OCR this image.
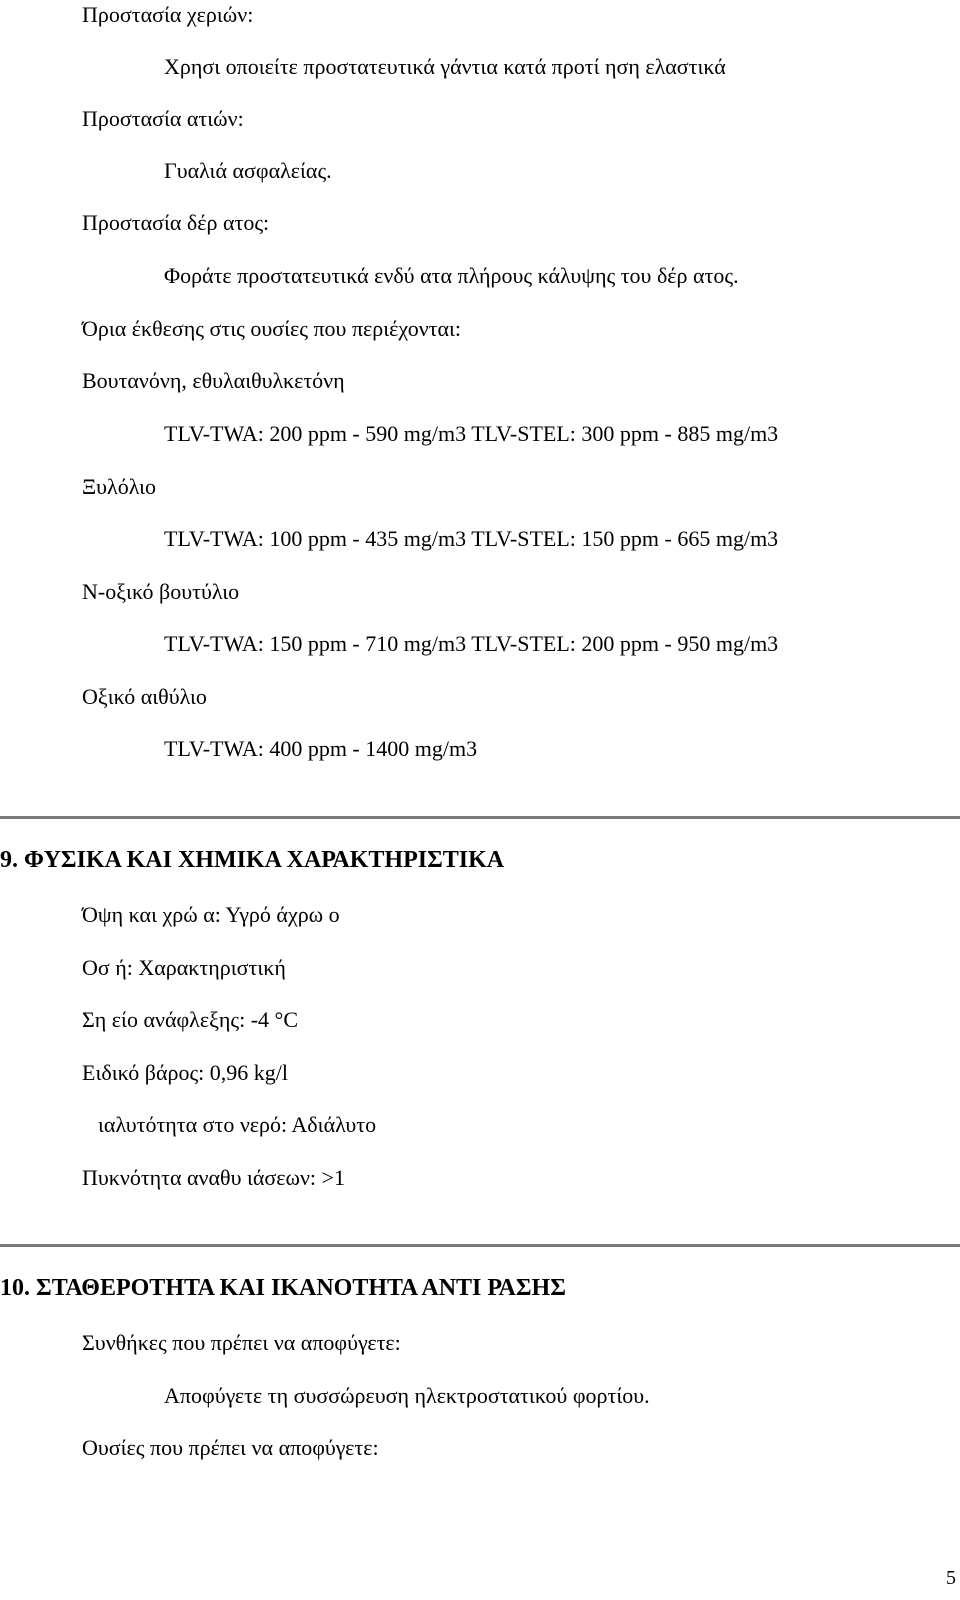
Προστασία χεριών:
Χρησι οποιείτε προστατευτικά γάντια κατά προτί ηση ελαστικά
Προστασία ατιών:
Γυαλιά ασφαλείας.
Προστασία δέρ ατος:
Φοράτε προστατευτικά ενδύ ατα πλήρους κάλυψης του δέρ ατος.
Όρια έκθεσης στις ουσίες που περιέχονται:
Βουτανόνη, εθυλαιθυλκετόνη
TLV-TWA: 200 ppm - 590 mg/m3 TLV-STEL: 300 ppm - 885 mg/m3
Ξυλόλιο
TLV-TWA: 100 ppm - 435 mg/m3 TLV-STEL: 150 ppm - 665 mg/m3
Ν-οξικό βουτύλιο
TLV-TWA: 150 ppm - 710 mg/m3 TLV-STEL: 200 ppm - 950 mg/m3
Οξικό αιθύλιο
TLV-TWA: 400 ppm - 1400 mg/m3
9. ΦΥΣΙΚΑ ΚΑΙ ΧΗΜΙΚΑ ΧΑΡΑΚΤΗΡΙΣΤΙΚΑ
Όψη και χρώ α: Υγρό άχρω ο
Οσ ή: Χαρακτηριστική
Ση είο ανάφλεξης: -4 °C
Ειδικό βάρος: 0,96 kg/l
ιαλυτότητα στο νερό: Αδιάλυτο
Πυκνότητα αναθυ ιάσεων: >1
10. ΣΤΑΘΕΡΟΤΗΤΑ ΚΑΙ ΙΚΑΝΟΤΗΤΑ ΑΝΤΙ ΡΑΣΗΣ
Συνθήκες που πρέπει να αποφύγετε:
Αποφύγετε τη συσσώρευση ηλεκτροστατικού φορτίου.
Ουσίες που πρέπει να αποφύγετε:
5
